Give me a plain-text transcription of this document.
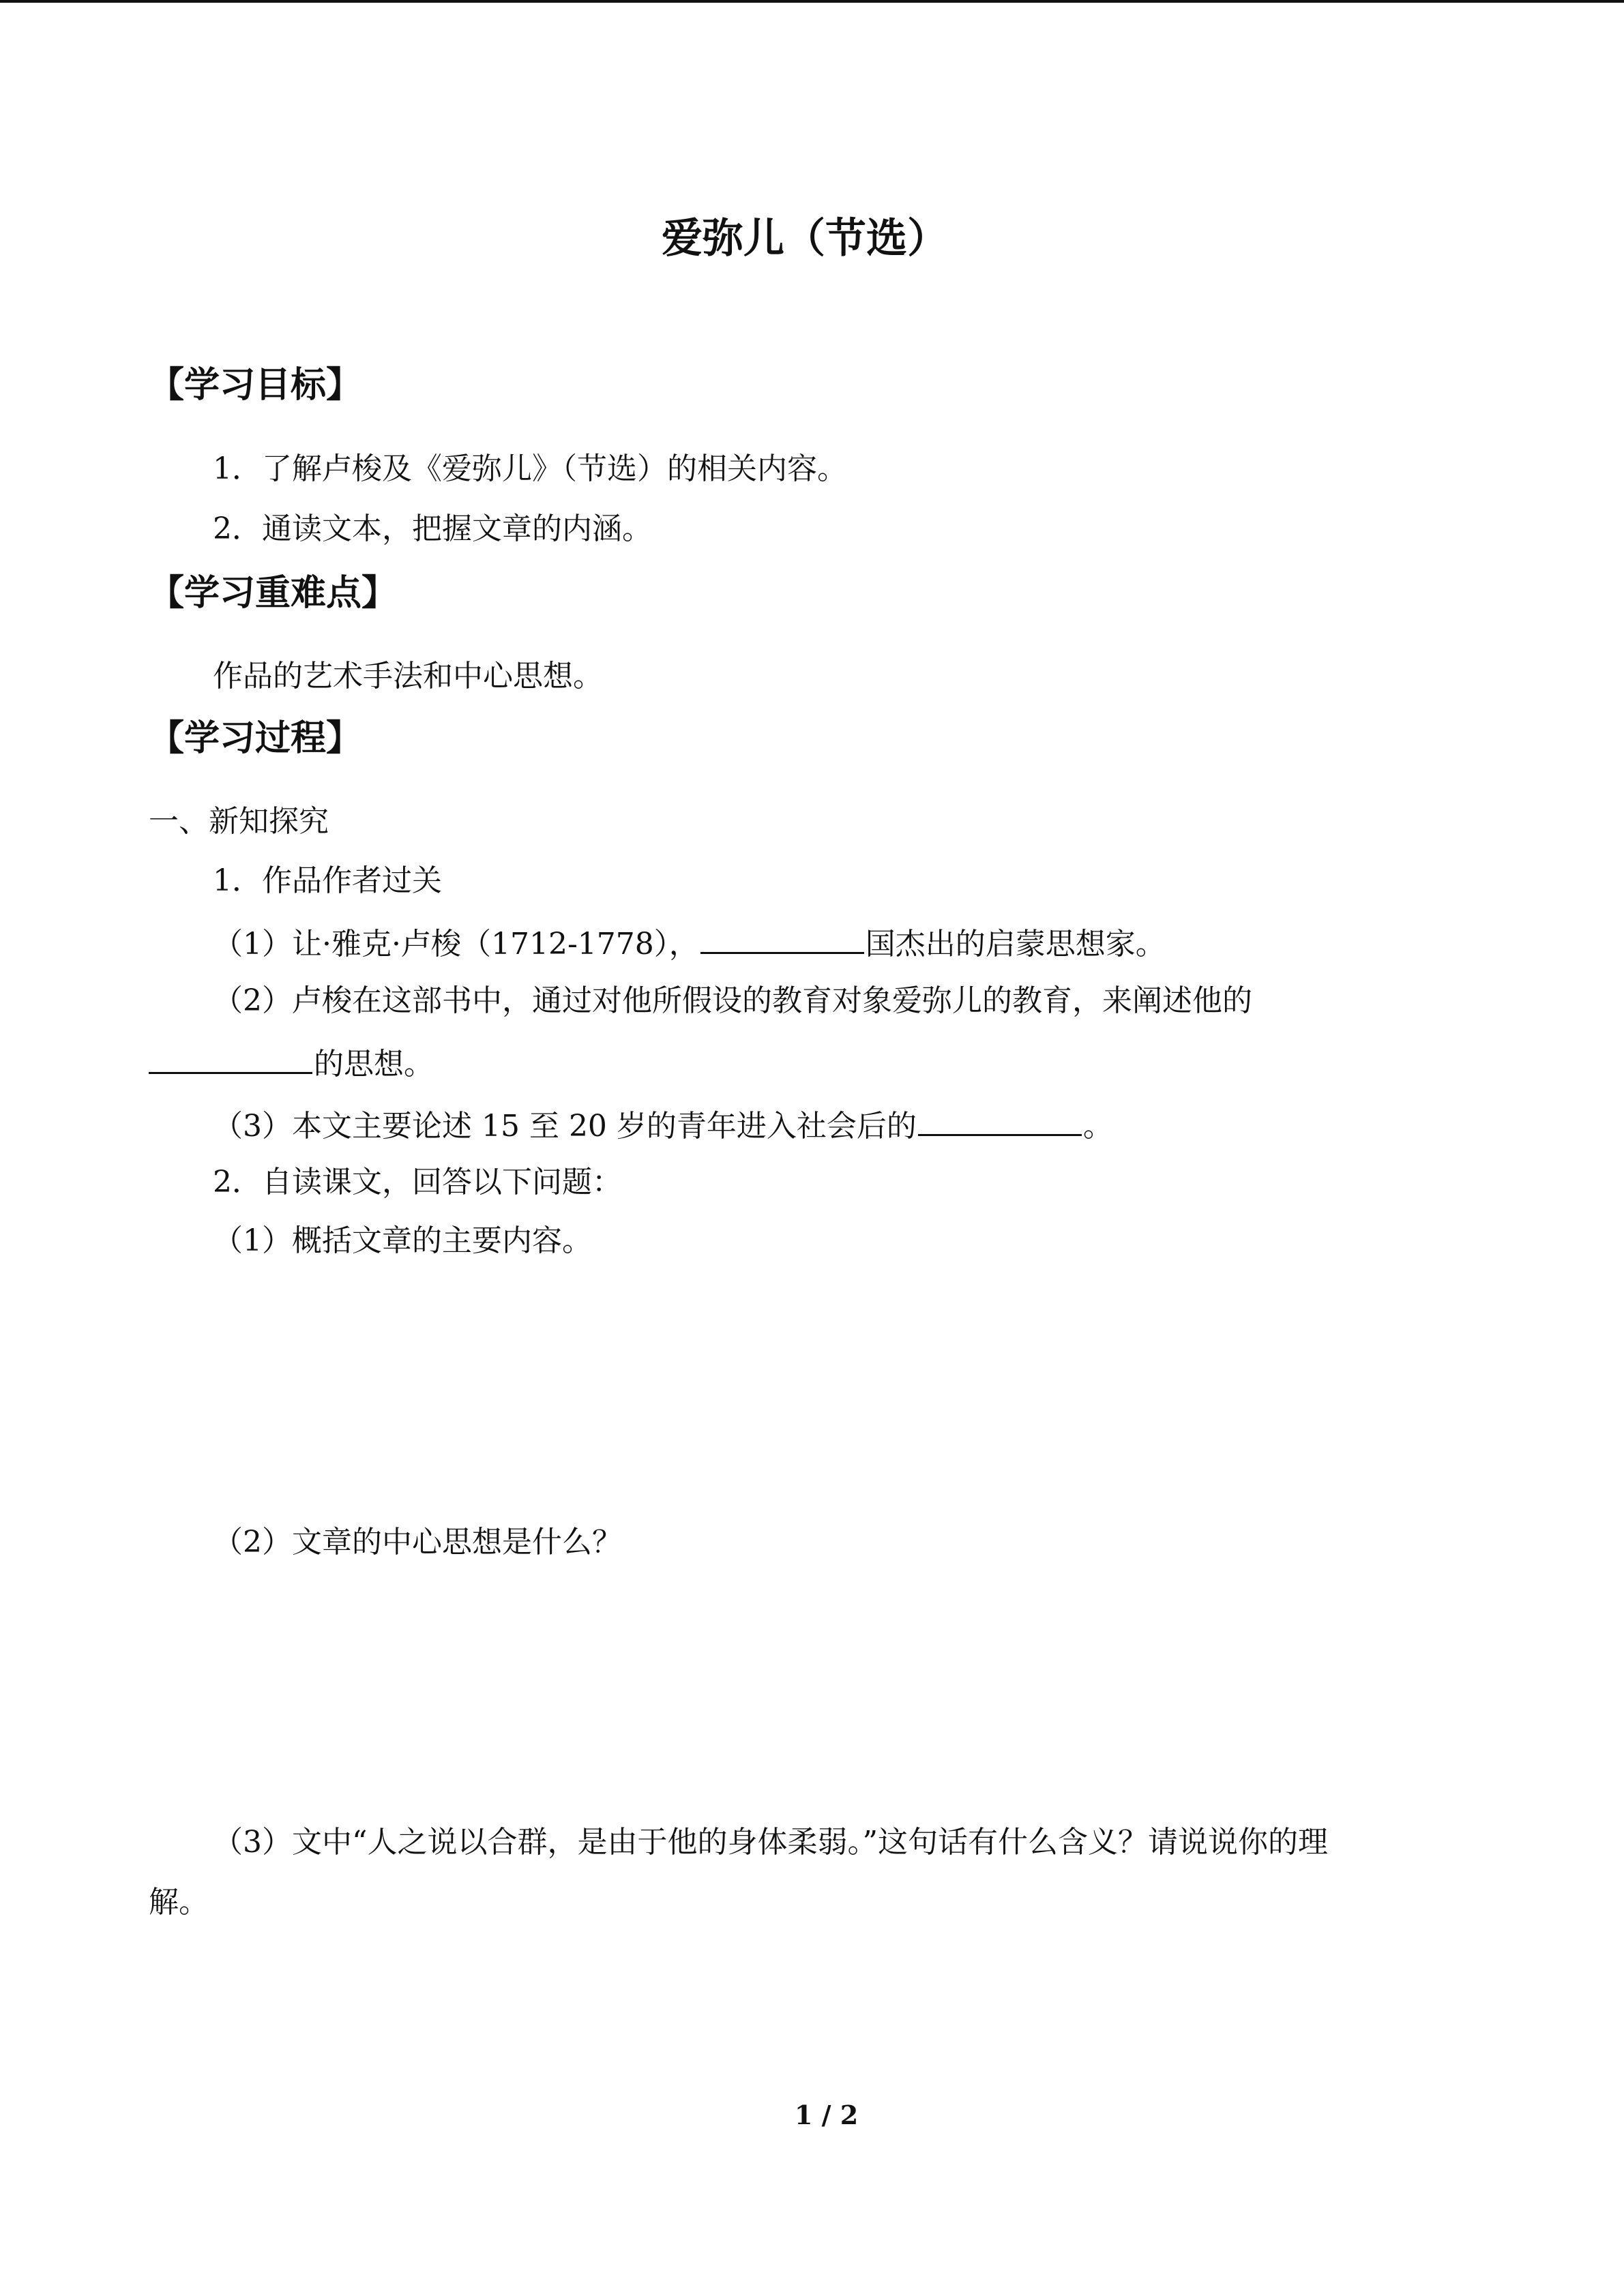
爱弥儿（节选）
【学习目标】
1．了解卢梭及《爱弥儿》（节选）的相关内容。
2．通读文本，把握文章的内涵。
【学习重难点】
作品的艺术手法和中心思想。
【学习过程】
一、新知探究
1．作品作者过关
（1）让·雅克·卢梭（1712-1778），	国杰出的启蒙思想家。
（2）卢梭在这部书中，通过对他所假设的教育对象爱弥儿的教育，来阐述他的
的思想。
（3）本文主要论述 15 至 20 岁的青年进入社会后的	。
2．自读课文，回答以下问题：
（1）概括文章的主要内容。
（2）文章的中心思想是什么？
（3）文中“人之说以合群，是由于他的身体柔弱。”这句话有什么含义？请说说你的理
解。
1 / 2
